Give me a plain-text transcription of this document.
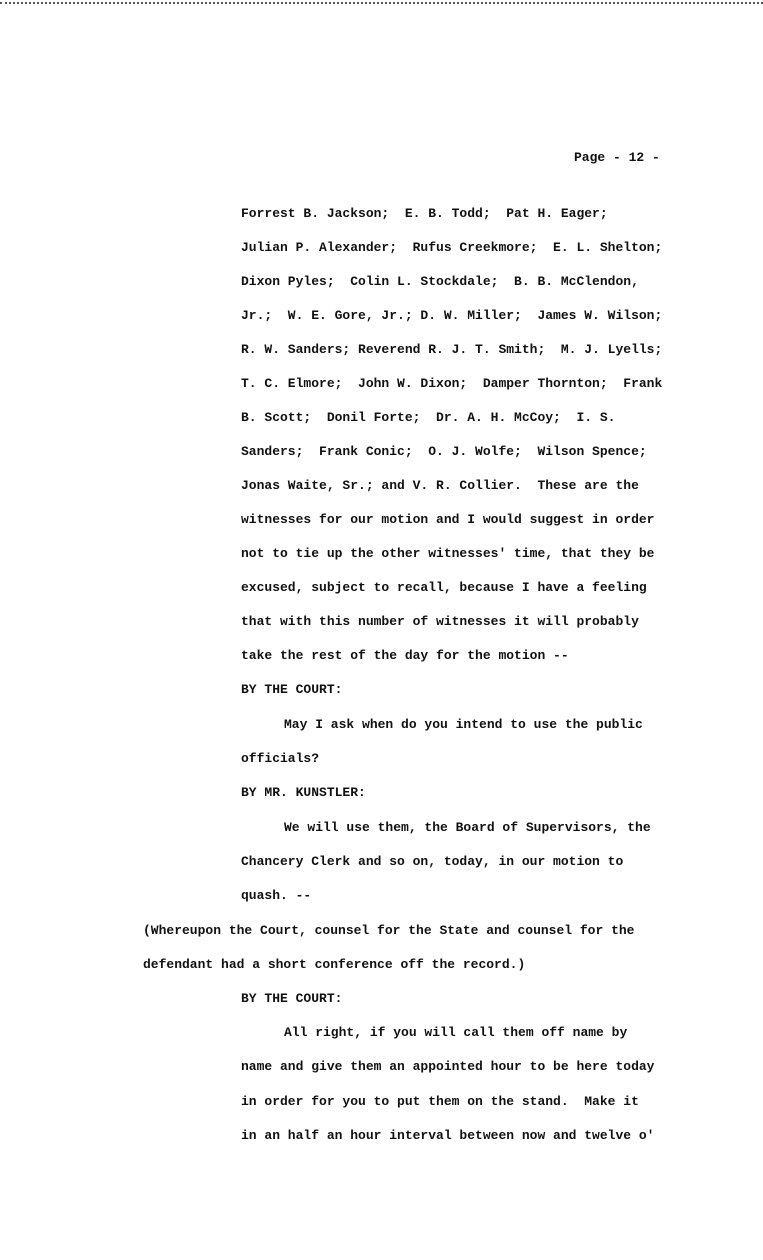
Page - 12 -
Forrest B. Jackson;  E. B. Todd;  Pat H. Eager;
Julian P. Alexander;  Rufus Creekmore;  E. L. Shelton;
Dixon Pyles;  Colin L. Stockdale;  B. B. McClendon,
Jr.;  W. E. Gore, Jr.; D. W. Miller;  James W. Wilson;
R. W. Sanders; Reverend R. J. T. Smith;  M. J. Lyells;
T. C. Elmore;  John W. Dixon;  Damper Thornton;  Frank
B. Scott;  Donil Forte;  Dr. A. H. McCoy;  I. S.
Sanders;  Frank Conic;  O. J. Wolfe;  Wilson Spence;
Jonas Waite, Sr.; and V. R. Collier.  These are the
witnesses for our motion and I would suggest in order
not to tie up the other witnesses' time, that they be
excused, subject to recall, because I have a feeling
that with this number of witnesses it will probably
take the rest of the day for the motion --
BY THE COURT:
May I ask when do you intend to use the public
officials?
BY MR. KUNSTLER:
We will use them, the Board of Supervisors, the
Chancery Clerk and so on, today, in our motion to
quash. --
(Whereupon the Court, counsel for the State and counsel for the
defendant had a short conference off the record.)
BY THE COURT:
All right, if you will call them off name by
name and give them an appointed hour to be here today
in order for you to put them on the stand.  Make it
in an half an hour interval between now and twelve o'
